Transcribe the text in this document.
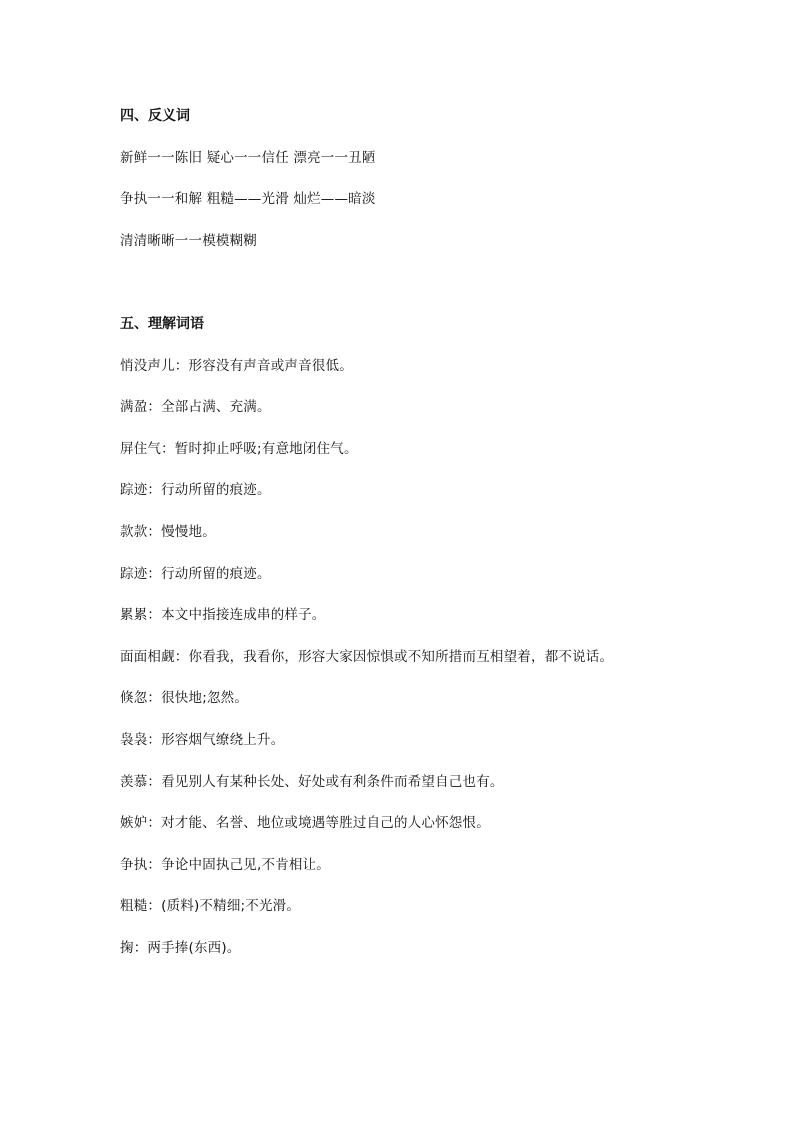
四、反义词
新鲜一一陈旧 疑心一一信任 漂亮一一丑陋
争执一一和解 粗糙——光滑 灿烂——暗淡
清清晰晰一一模模糊糊
五、理解词语
悄没声儿：形容没有声音或声音很低。
满盈：全部占满、充满。
屏住气：暂时抑止呼吸;有意地闭住气。
踪迹：行动所留的痕迹。
款款：慢慢地。
踪迹：行动所留的痕迹。
累累：本文中指接连成串的样子。
面面相觑：你看我，我看你，形容大家因惊惧或不知所措而互相望着，都不说话。
倏忽：很快地;忽然。
袅袅：形容烟气缭绕上升。
羡慕：看见别人有某种长处、好处或有利条件而希望自己也有。
嫉妒：对才能、名誉、地位或境遇等胜过自己的人心怀怨恨。
争执：争论中固执己见,不肯相让。
粗糙：(质料)不精细;不光滑。
掬：两手捧(东西)。
